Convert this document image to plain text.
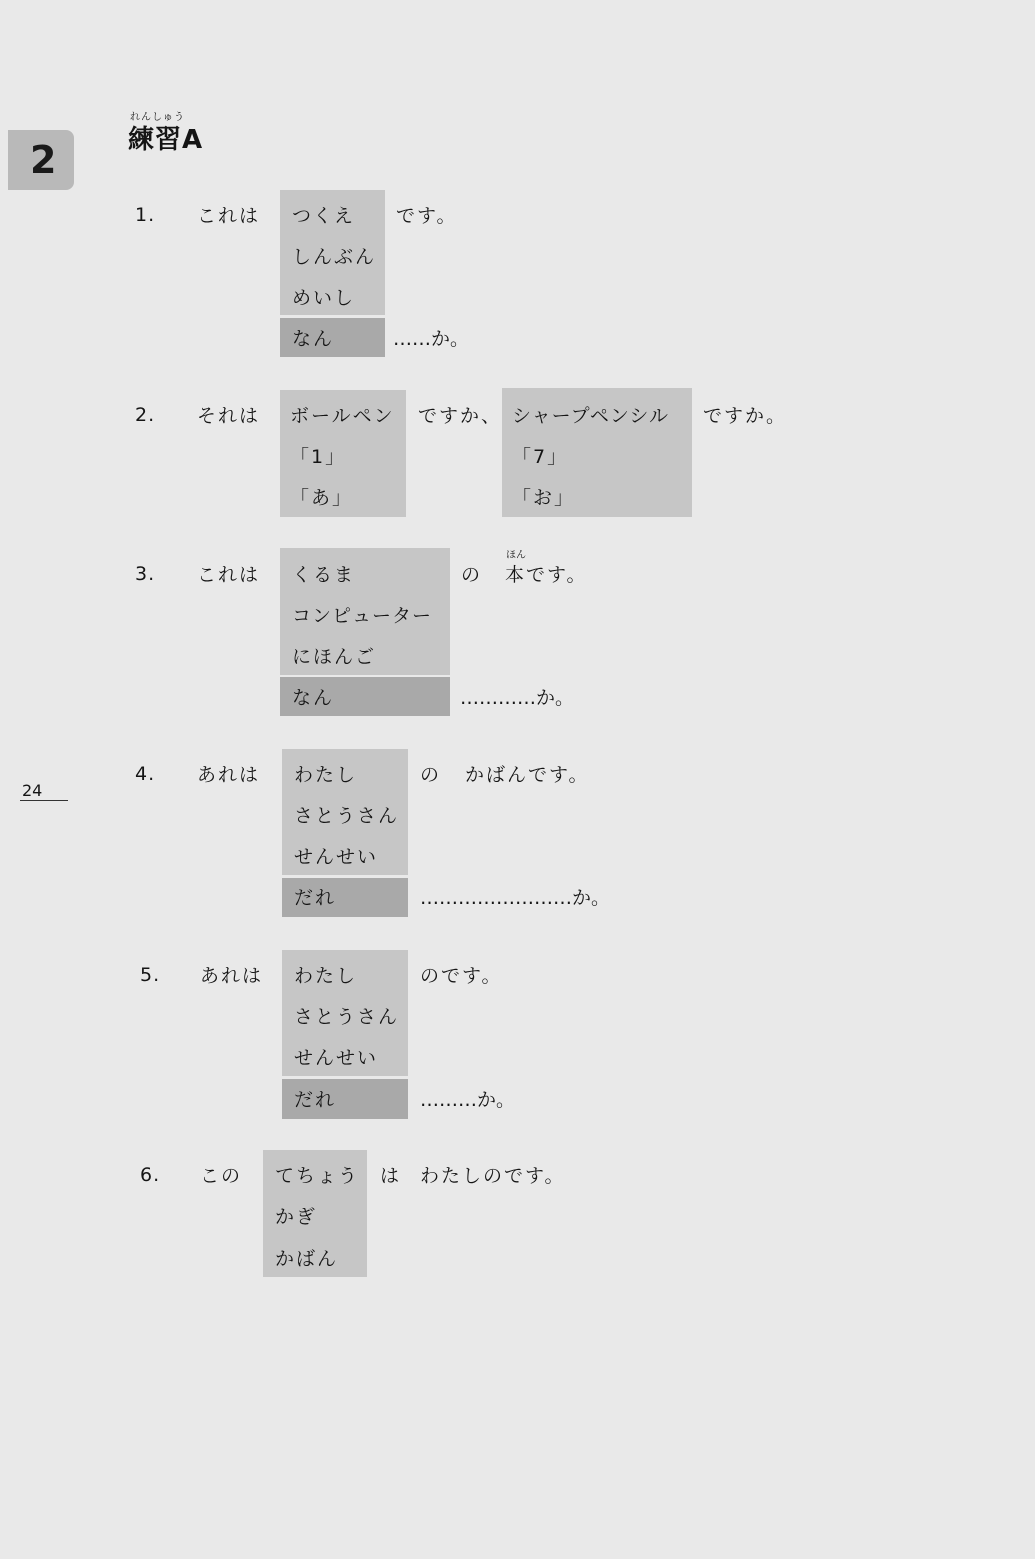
2
れんしゅう
練習A
24
1. これは つくえ
しんぶん
めいし
なん
です。
……か。
2. それは ボールペン
「1」
「あ」
ですか、 シャープペンシル
「7」
「お」
ですか。
3. これは くるま
コンピューター
にほんご
なん
の
ほん
本 です。
…………か。
4. あれは わたし
さとうさん
せんせい
だれ
の かばんです。
……………………か。
5. あれは わたし
さとうさん
せんせい
だれ
のです。
………か。
6. この てちょう
かぎ
かばん
は わたしのです。
